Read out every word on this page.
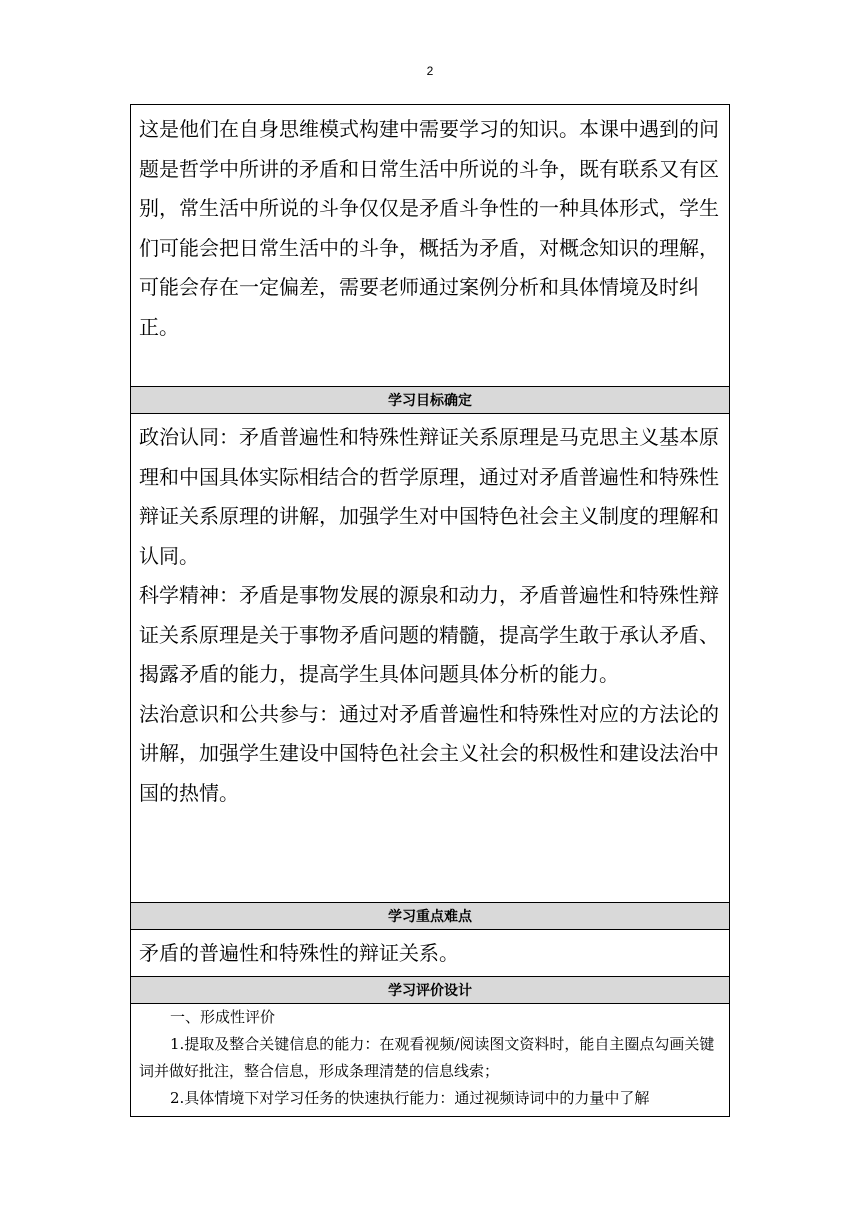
2

这是他们在自身思维模式构建中需要学习的知识。本课中遇到的问题是哲学中所讲的矛盾和日常生活中所说的斗争，既有联系又有区别，常生活中所说的斗争仅仅是矛盾斗争性的一种具体形式，学生们可能会把日常生活中的斗争，概括为矛盾，对概念知识的理解，可能会存在一定偏差，需要老师通过案例分析和具体情境及时纠正。

学习目标确定

政治认同：矛盾普遍性和特殊性辩证关系原理是马克思主义基本原理和中国具体实际相结合的哲学原理，通过对矛盾普遍性和特殊性辩证关系原理的讲解，加强学生对中国特色社会主义制度的理解和认同。

科学精神：矛盾是事物发展的源泉和动力，矛盾普遍性和特殊性辩证关系原理是关于事物矛盾问题的精髓，提高学生敢于承认矛盾、揭露矛盾的能力，提高学生具体问题具体分析的能力。

法治意识和公共参与：通过对矛盾普遍性和特殊性对应的方法论的讲解，加强学生建设中国特色社会主义社会的积极性和建设法治中国的热情。

学习重点难点

矛盾的普遍性和特殊性的辩证关系。

学习评价设计

一、形成性评价

1.提取及整合关键信息的能力：在观看视频/阅读图文资料时，能自主圈点勾画关键词并做好批注，整合信息，形成条理清楚的信息线索；

2.具体情境下对学习任务的快速执行能力：通过视频诗词中的力量中了解
